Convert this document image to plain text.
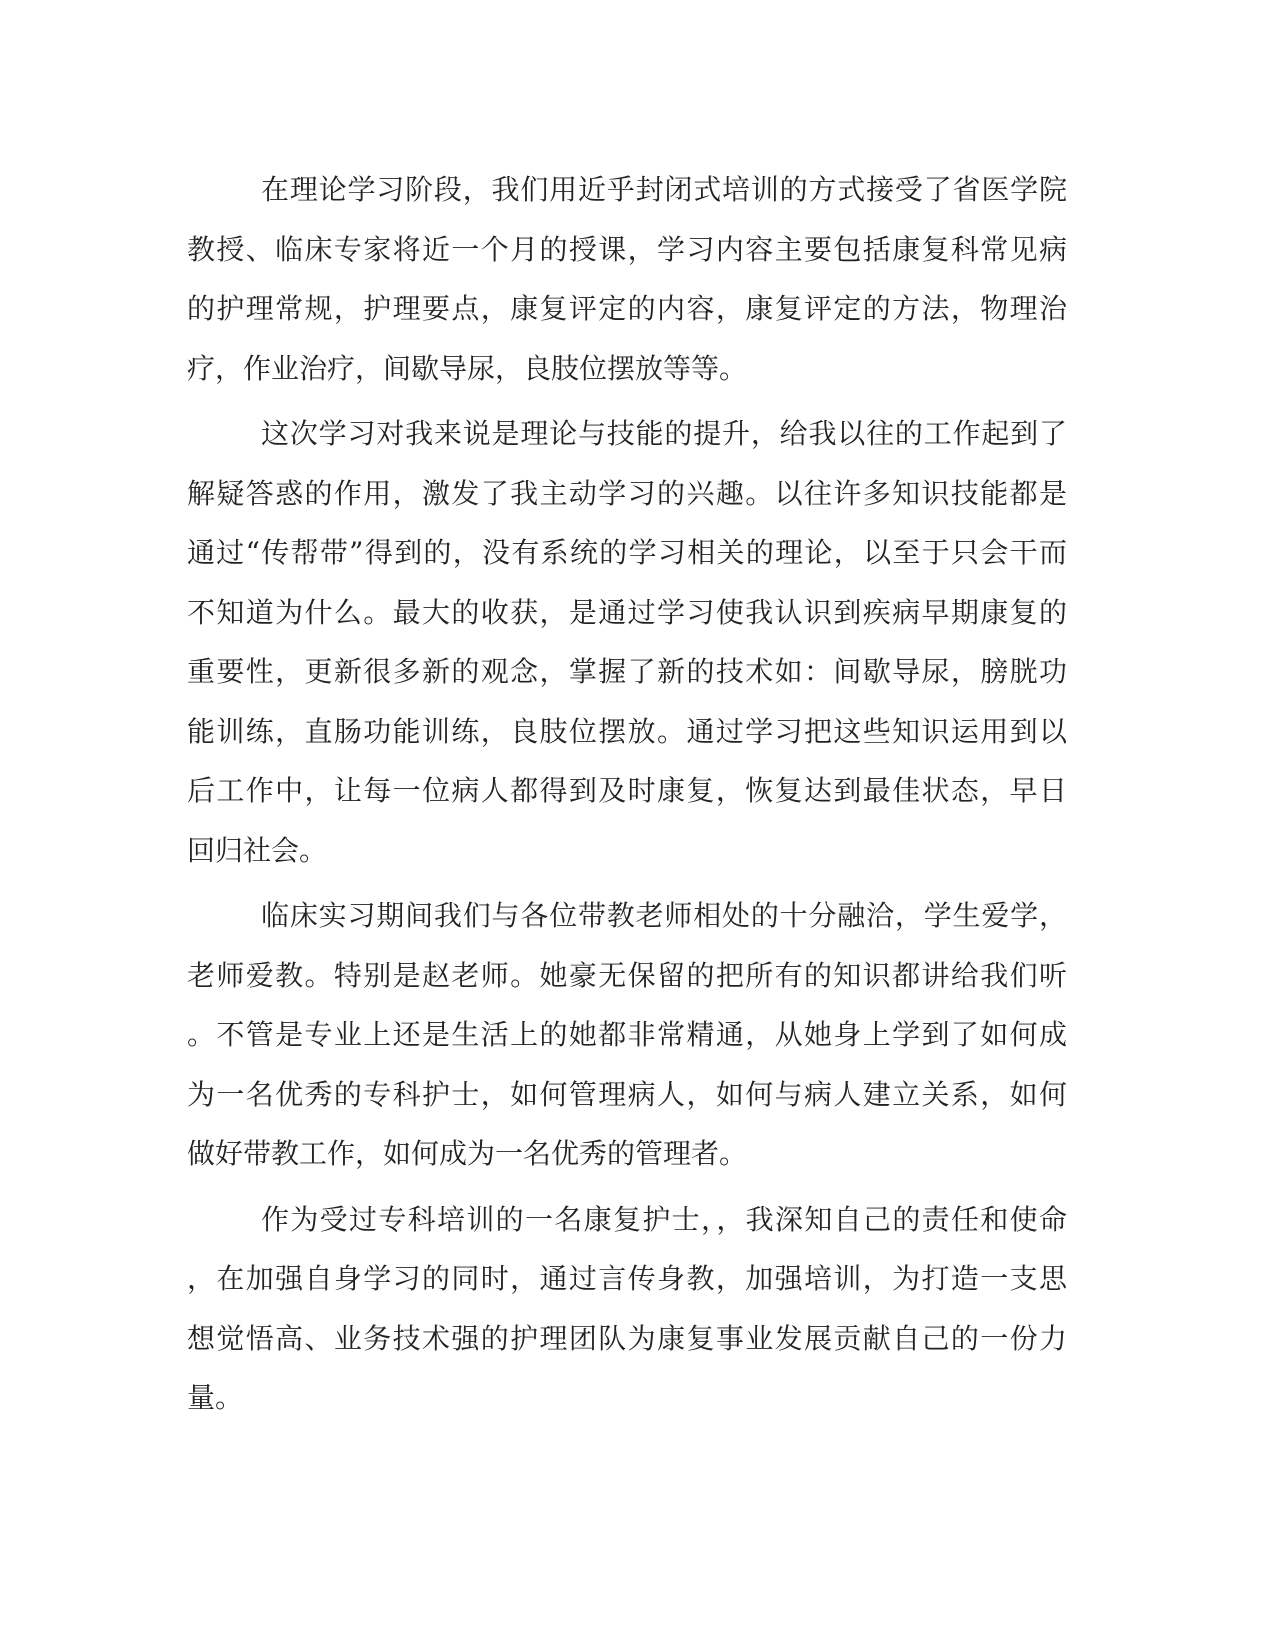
在理论学习阶段，我们用近乎封闭式培训的方式接受了省医学院
教授、临床专家将近一个月的授课，学习内容主要包括康复科常见病
的护理常规，护理要点，康复评定的内容，康复评定的方法，物理治
疗，作业治疗，间歇导尿，良肢位摆放等等。

这次学习对我来说是理论与技能的提升，给我以往的工作起到了
解疑答惑的作用，激发了我主动学习的兴趣。以往许多知识技能都是
通过“传帮带”得到的，没有系统的学习相关的理论，以至于只会干而
不知道为什么。最大的收获，是通过学习使我认识到疾病早期康复的
重要性，更新很多新的观念，掌握了新的技术如：间歇导尿，膀胱功
能训练，直肠功能训练，良肢位摆放。通过学习把这些知识运用到以
后工作中，让每一位病人都得到及时康复，恢复达到最佳状态，早日
回归社会。

临床实习期间我们与各位带教老师相处的十分融洽，学生爱学，
老师爱教。特别是赵老师。她豪无保留的把所有的知识都讲给我们听
。不管是专业上还是生活上的她都非常精通，从她身上学到了如何成
为一名优秀的专科护士，如何管理病人，如何与病人建立关系，如何
做好带教工作，如何成为一名优秀的管理者。

作为受过专科培训的一名康复护士，，我深知自己的责任和使命
，在加强自身学习的同时，通过言传身教，加强培训，为打造一支思
想觉悟高、业务技术强的护理团队为康复事业发展贡献自己的一份力
量。
